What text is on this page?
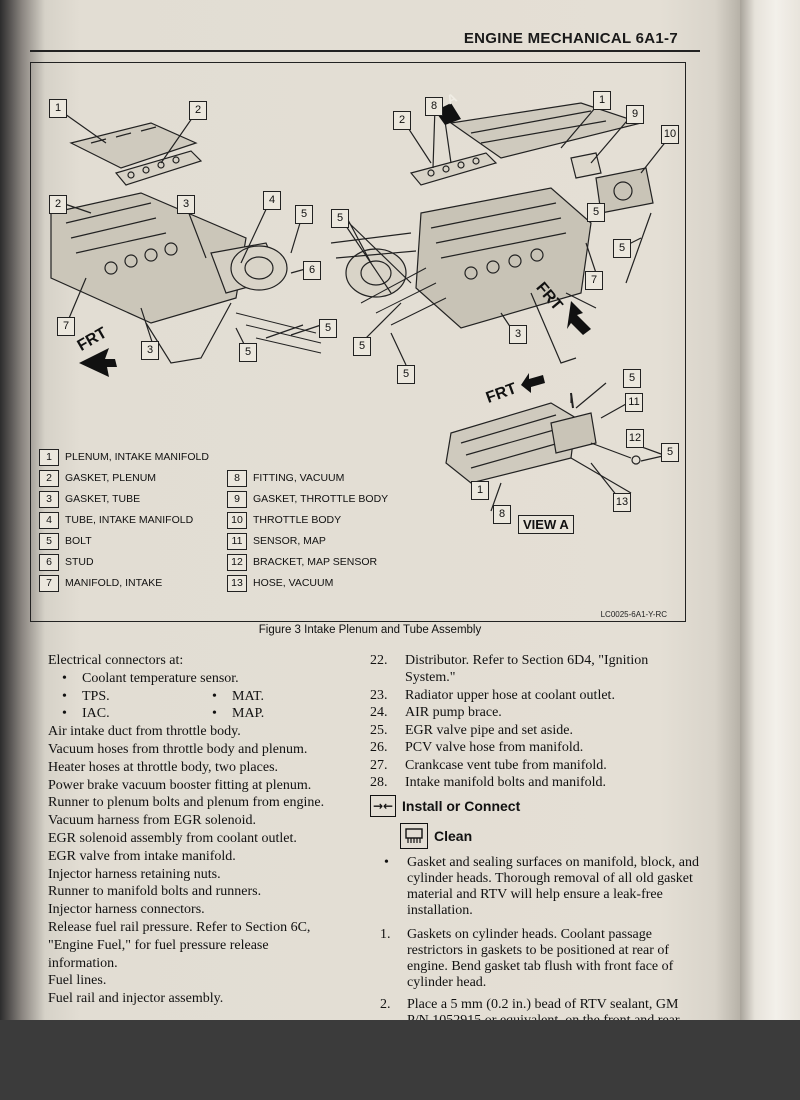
ENGINE MECHANICAL 6A1-7
FRT
FRT
FRT
A
1	2
3	4
5
2
6
5
5
3
7
2
8	1
9
10
5	5
5
7
3
5
5	5
11
12
5
1
8
13
VIEW A
LC0025-6A1-Y-RC
1 PLENUM, INTAKE MANIFOLD
2 GASKET, PLENUM
3 GASKET, TUBE
4 TUBE, INTAKE MANIFOLD
5 BOLT
6 STUD
7 MANIFOLD, INTAKE
8 FITTING, VACUUM
9 GASKET, THROTTLE BODY
10 THROTTLE BODY
11 SENSOR, MAP
12 BRACKET, MAP SENSOR
13 HOSE, VACUUM
Figure 3 Intake Plenum and Tube Assembly
Electrical connectors at:
• Coolant temperature sensor.
• TPS.	• MAT.
• IAC.	• MAP.
Air intake duct from throttle body.
Vacuum hoses from throttle body and plenum.
Heater hoses at throttle body, two places.
Power brake vacuum booster fitting at plenum.
Runner to plenum bolts and plenum from engine.
Vacuum harness from EGR solenoid.
EGR solenoid assembly from coolant outlet.
EGR valve from intake manifold.
Injector harness retaining nuts.
Runner to manifold bolts and runners.
Injector harness connectors.
Release fuel rail pressure. Refer to Section 6C,
"Engine Fuel," for fuel pressure release
information.
Fuel lines.
Fuel rail and injector assembly.
22. Distributor. Refer to Section 6D4, "Ignition System."
23. Radiator upper hose at coolant outlet.
24. AIR pump brace.
25. EGR valve pipe and set aside.
26. PCV valve hose from manifold.
27. Crankcase vent tube from manifold.
28. Intake manifold bolts and manifold.
→← Install or Connect
Clean
• Gasket and sealing surfaces on manifold, block, and cylinder heads. Thorough removal of all old gasket material and RTV will help ensure a leak-free installation.
1. Gaskets on cylinder heads. Coolant passage restrictors in gaskets to be positioned at rear of engine. Bend gasket tab flush with front face of cylinder head.
2. Place a 5 mm (0.2 in.) bead of RTV sealant, GM
